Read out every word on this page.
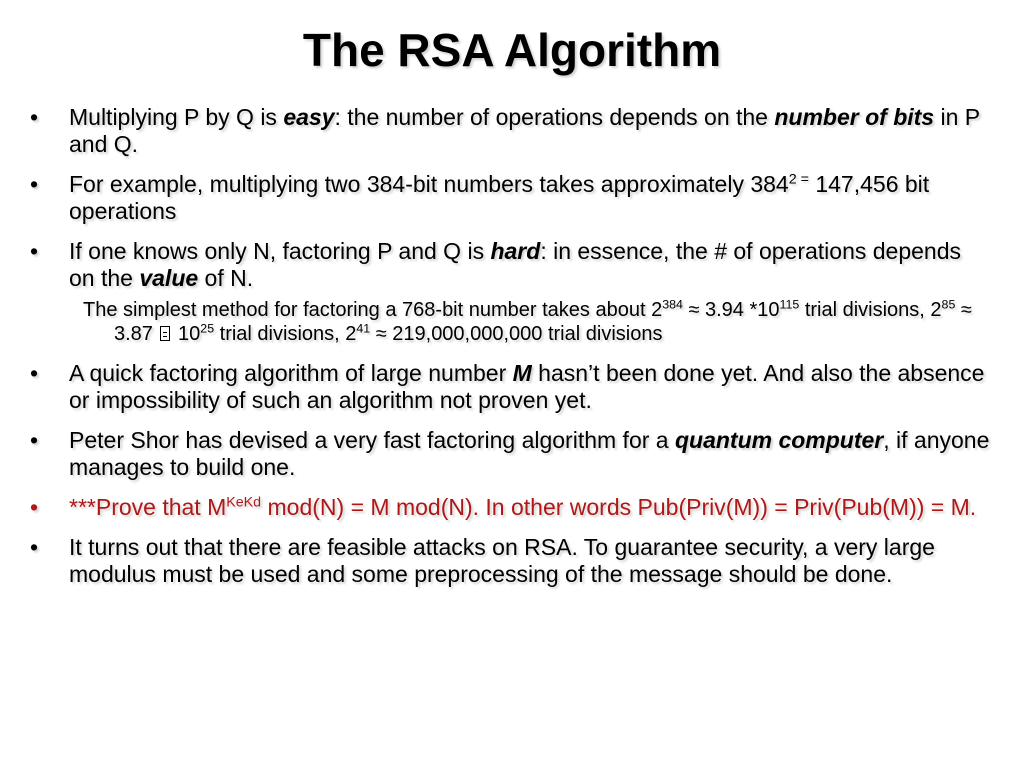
The RSA Algorithm
• Multiplying P by Q is easy: the number of operations depends on the number of bits in P and Q.
• For example, multiplying two 384-bit numbers takes approximately $384^2$ = 147,456 bit operations
• If one knows only N, factoring P and Q is hard: in essence, the # of operations depends on the value of N.
The simplest method for factoring a 768-bit number takes about $2^{384} \approx 3.94$ $*10^{115}$ trial divisions, $2^{85} \approx 3.87$  $10^{25}$ trial divisions, $2^{41} \approx 219,000,000,000$ trial divisions
• A quick factoring algorithm of large number M hasn’t been done yet. And also the absence or impossibility of such an algorithm not proven yet.
• Peter Shor has devised a very fast factoring algorithm for a quantum computer, if anyone manages to build one.
• ***Prove that $M^{KeKd}$ mod(N) = M mod(N). In other words Pub(Priv(M)) = Priv(Pub(M)) = M.
• It turns out that there are feasible attacks on RSA. To guarantee security, a very large modulus must be used and some preprocessing of the message should be done.
